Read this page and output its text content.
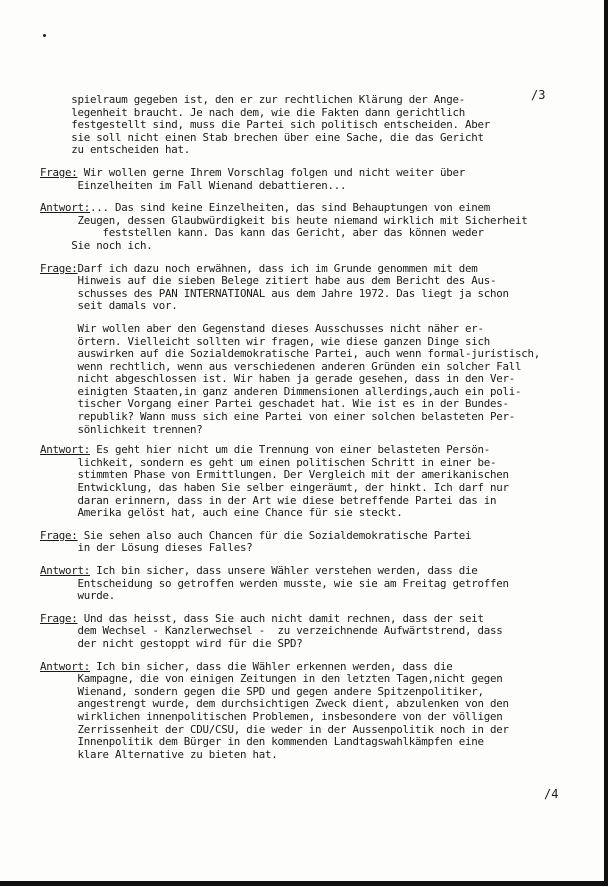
/3
spielraum gegeben ist, den er zur rechtlichen Klärung der Ange-
legenheit braucht. Je nach dem, wie die Fakten dann gerichtlich
festgestellt sind, muss die Partei sich politisch entscheiden. Aber
sie soll nicht einen Stab brechen über eine Sache, die das Gericht
zu entscheiden hat.
Frage: Wir wollen gerne Ihrem Vorschlag folgen und nicht weiter über
Einzelheiten im Fall Wienand debattieren...
Antwort:... Das sind keine Einzelheiten, das sind Behauptungen von einem
Zeugen, dessen Glaubwürdigkeit bis heute niemand wirklich mit Sicherheit
feststellen kann. Das kann das Gericht, aber das können weder
Sie noch ich.
Frage:Darf ich dazu noch erwähnen, dass ich im Grunde genommen mit dem
Hinweis auf die sieben Belege zitiert habe aus dem Bericht des Aus-
schusses des PAN INTERNATIONAL aus dem Jahre 1972. Das liegt ja schon
seit damals vor.
Wir wollen aber den Gegenstand dieses Ausschusses nicht näher er-
örtern. Vielleicht sollten wir fragen, wie diese ganzen Dinge sich
auswirken auf die Sozialdemokratische Partei, auch wenn formal-juristisch,
wenn rechtlich, wenn aus verschiedenen anderen Gründen ein solcher Fall
nicht abgeschlossen ist. Wir haben ja gerade gesehen, dass in den Ver-
einigten Staaten,in ganz anderen Dimmensionen allerdings,auch ein poli-
tischer Vorgang einer Partei geschadet hat. Wie ist es in der Bundes-
republik? Wann muss sich eine Partei von einer solchen belasteten Per-
sönlichkeit trennen?
Antwort: Es geht hier nicht um die Trennung von einer belasteten Persön-
lichkeit, sondern es geht um einen politischen Schritt in einer be-
stimmten Phase von Ermittlungen. Der Vergleich mit der amerikanischen
Entwicklung, das haben Sie selber eingeräumt, der hinkt. Ich darf nur
daran erinnern, dass in der Art wie diese betreffende Partei das in
Amerika gelöst hat, auch eine Chance für sie steckt.
Frage: Sie sehen also auch Chancen für die Sozialdemokratische Partei
in der Lösung dieses Falles?
Antwort: Ich bin sicher, dass unsere Wähler verstehen werden, dass die
Entscheidung so getroffen werden musste, wie sie am Freitag getroffen
wurde.
Frage: Und das heisst, dass Sie auch nicht damit rechnen, dass der seit
dem Wechsel - Kanzlerwechsel -  zu verzeichnende Aufwärtstrend, dass
der nicht gestoppt wird für die SPD?
Antwort: Ich bin sicher, dass die Wähler erkennen werden, dass die
Kampagne, die von einigen Zeitungen in den letzten Tagen,nicht gegen
Wienand, sondern gegen die SPD und gegen andere Spitzenpolitiker,
angestrengt wurde, dem durchsichtigen Zweck dient, abzulenken von den
wirklichen innenpolitischen Problemen, insbesondere von der völligen
Zerrissenheit der CDU/CSU, die weder in der Aussenpolitik noch in der
Innenpolitik dem Bürger in den kommenden Landtagswahlkämpfen eine
klare Alternative zu bieten hat.
/4
